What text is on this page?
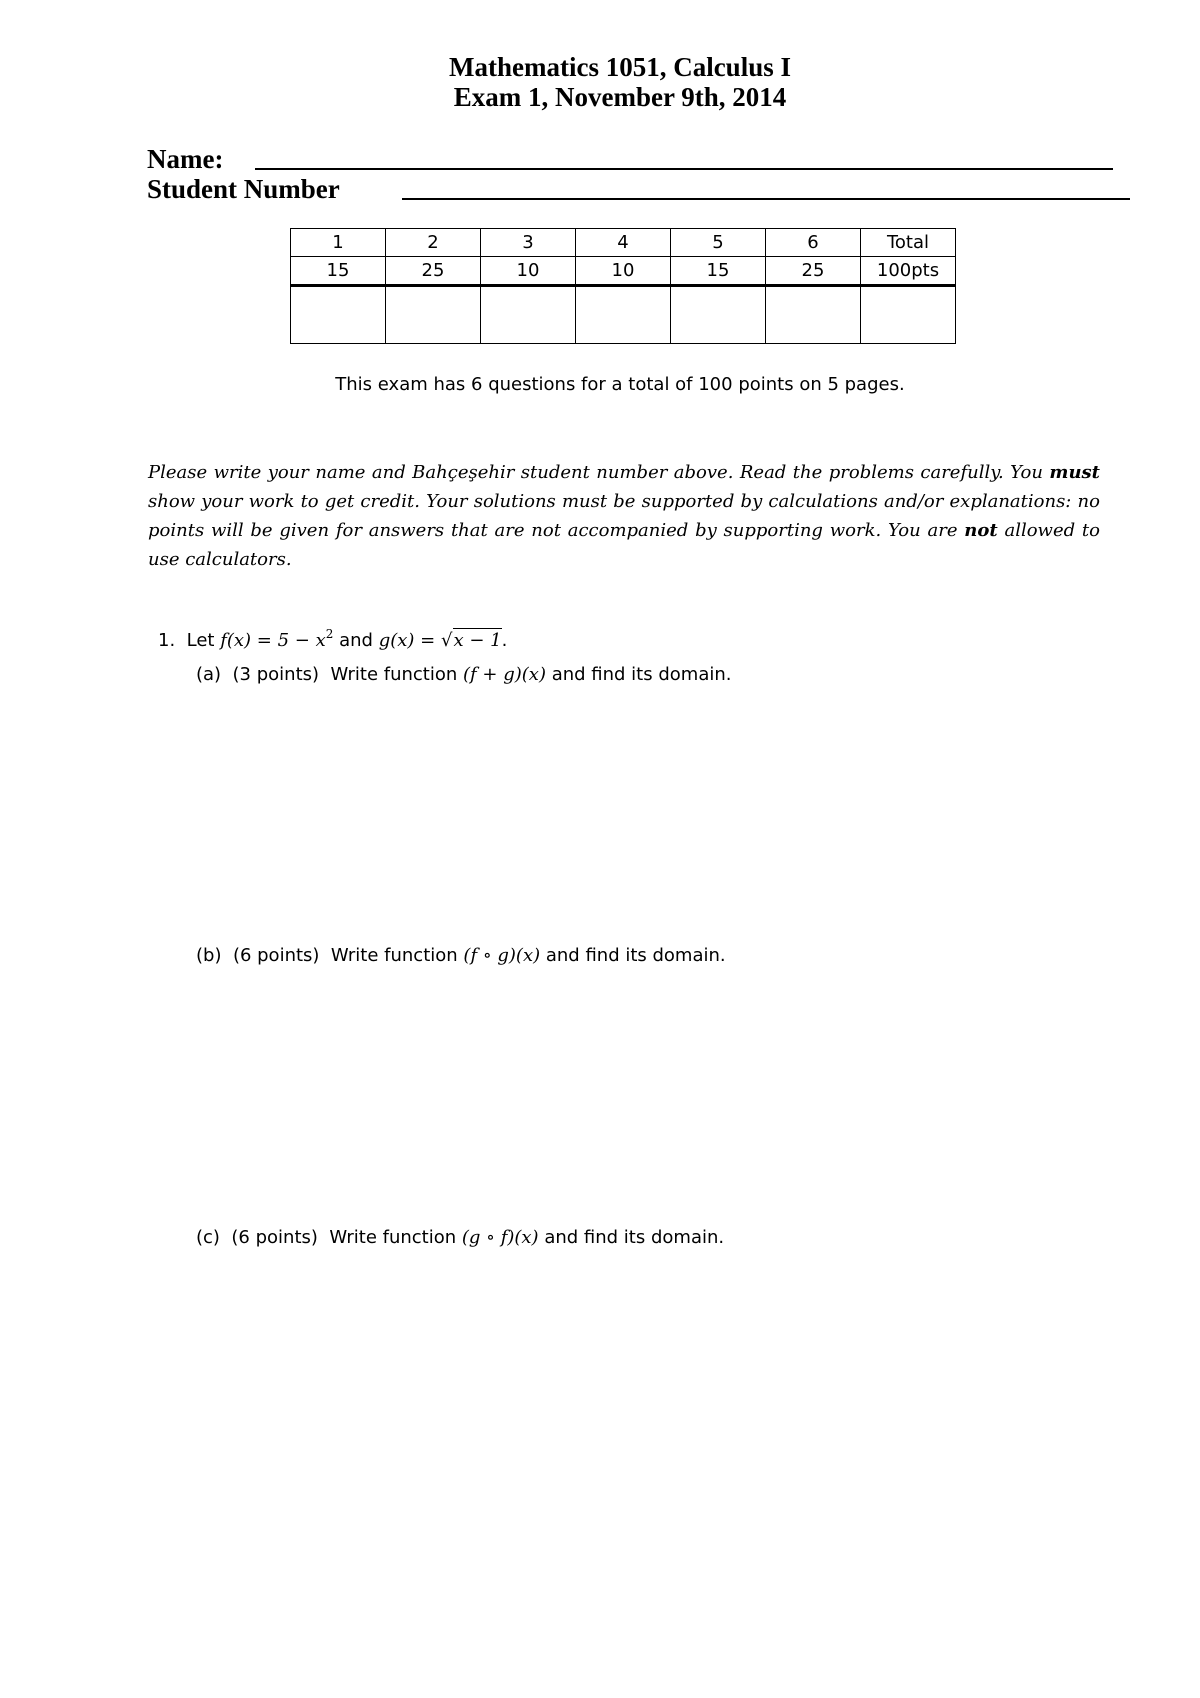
Mathematics 1051, Calculus I
Exam 1, November 9th, 2014
Name:
Student Number
1	2	3	4	5	6	Total
15	25	10	10	15	25	100pts

This exam has 6 questions for a total of 100 points on 5 pages.
Please write your name and Bahçeşehir student number above. Read the problems carefully. You must show your work to get credit. Your solutions must be supported by calculations and/or explanations: no points will be given for answers that are not accompanied by supporting work. You are not allowed to use calculators.
1. Let $f(x) = 5 - x^2$ and g(x) = √x − 1.
(a) (3 points) Write function (f + g)(x) and find its domain.
(b) (6 points) Write function (f ∘ g)(x) and find its domain.
(c) (6 points) Write function (g ∘ f)(x) and find its domain.
